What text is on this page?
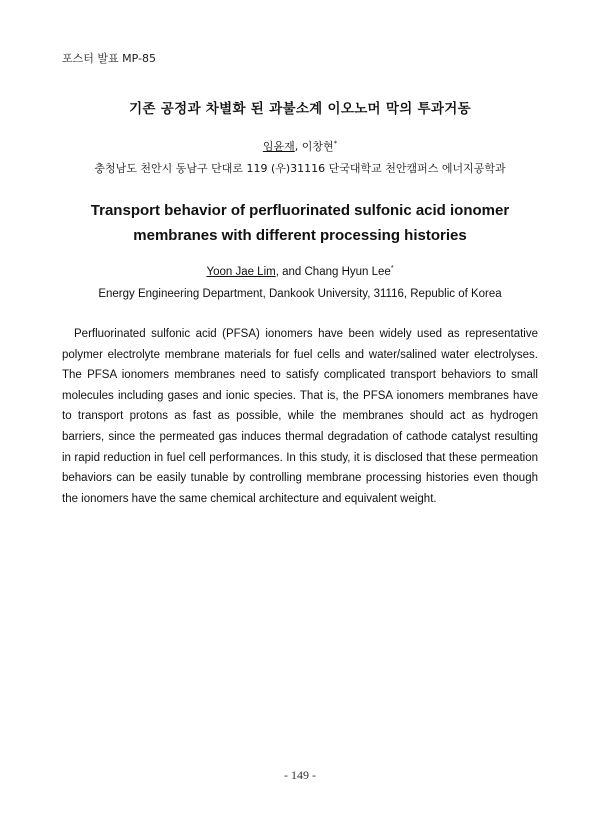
포스터 발표 MP-85
기존 공정과 차별화 된 과불소계 이오노머 막의 투과거동
임윤재, 이창현*
충청남도 천안시 동남구 단대로 119 (우)31116 단국대학교 천안캠퍼스 에너지공학과
Transport behavior of perfluorinated sulfonic acid ionomer membranes with different processing histories
Yoon Jae Lim, and Chang Hyun Lee*
Energy Engineering Department, Dankook University, 31116, Republic of Korea

Perfluorinated sulfonic acid (PFSA) ionomers have been widely used as representative polymer electrolyte membrane materials for fuel cells and water/salined water electrolyses. The PFSA ionomers membranes need to satisfy complicated transport behaviors to small molecules including gases and ionic species. That is, the PFSA ionomers membranes have to transport protons as fast as possible, while the membranes should act as hydrogen barriers, since the permeated gas induces thermal degradation of cathode catalyst resulting in rapid reduction in fuel cell performances. In this study, it is disclosed that these permeation behaviors can be easily tunable by controlling membrane processing histories even though the ionomers have the same chemical architecture and equivalent weight.

- 149 -
